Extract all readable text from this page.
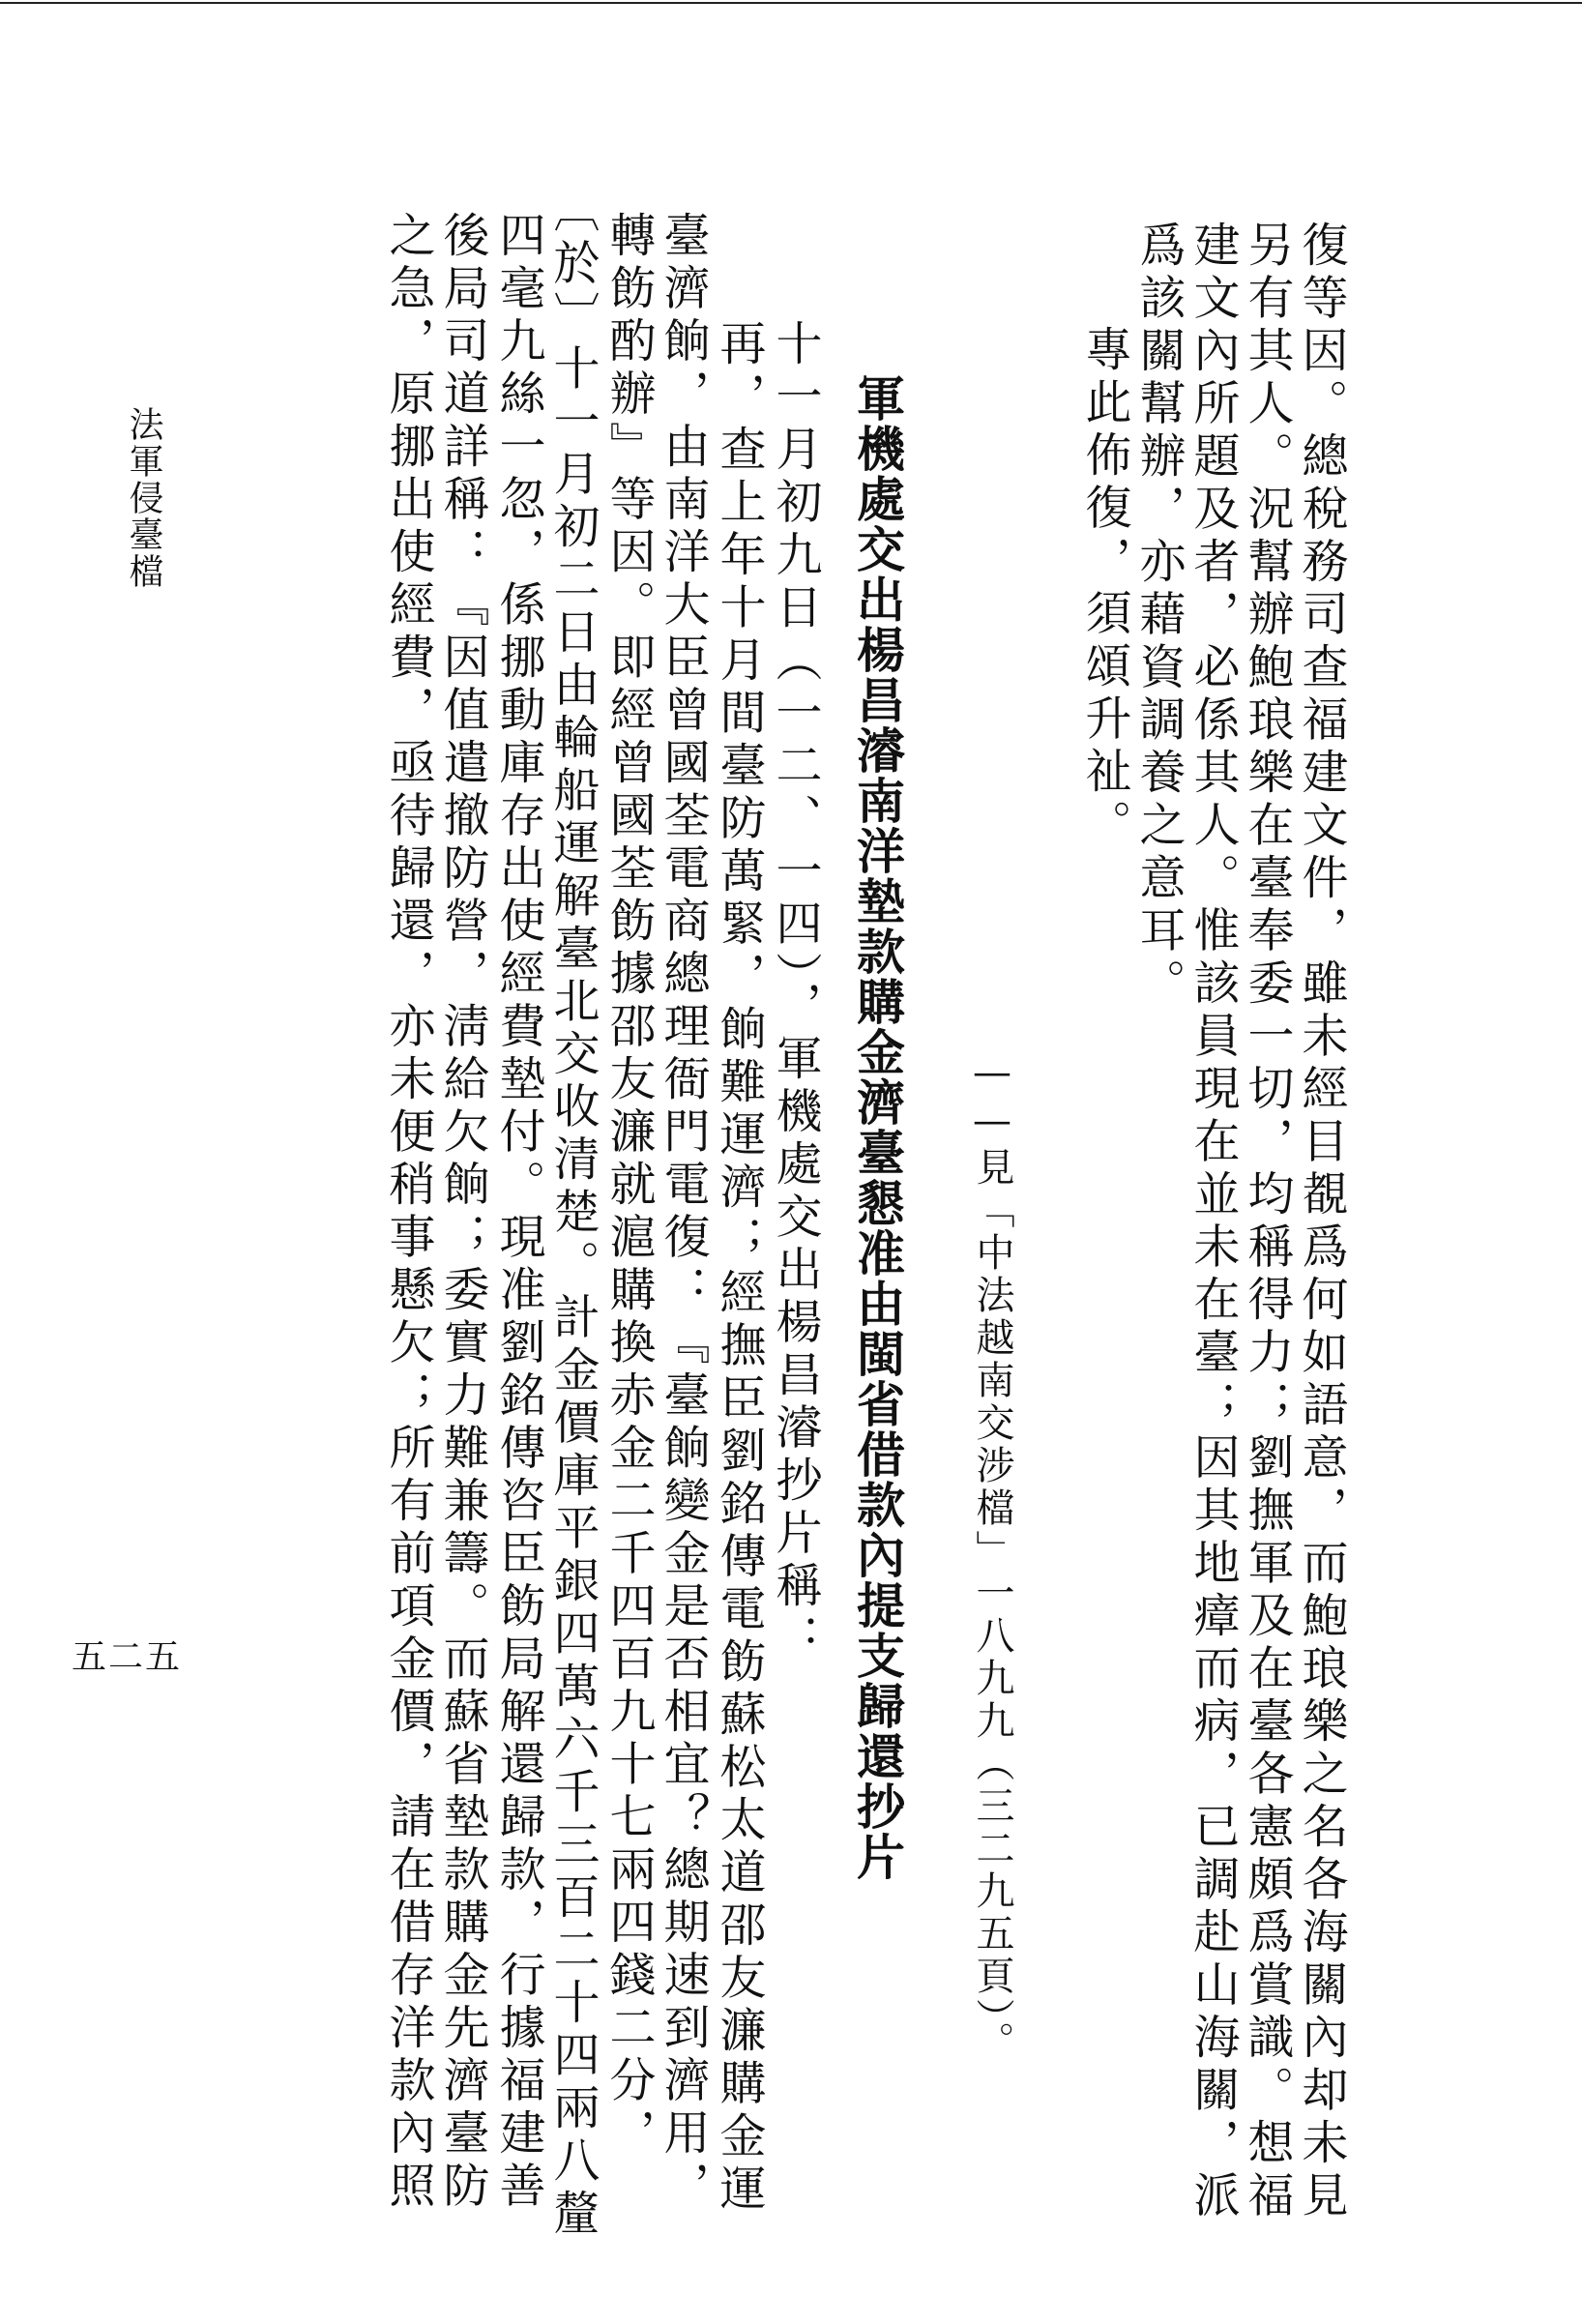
復等因。總稅務司查福建文件，雖未經目覩爲何如語意，而鮑琅樂之名各海關內却未見
另有其人。況幫辦鮑琅樂在臺奉委一切，均稱得力；劉撫軍及在臺各憲頗爲賞識。想福
建文內所題及者，必係其人。惟該員現在並未在臺；因其地瘴而病，已調赴山海關，派
爲該關幫辦，亦藉資調養之意耳。
專此佈復，須頌升祉。
——見「中法越南交涉檔」一八九九（三二九五頁）。
軍機處交出楊昌濬南洋墊款購金濟臺懇准由閩省借款內提支歸還抄片
十一月初九日（一二、一四），軍機處交出楊昌濬抄片稱：
再，查上年十月間臺防萬緊，餉難運濟；經撫臣劉銘傳電飭蘇松太道邵友濂購金運
臺濟餉，由南洋大臣曾國荃電商總理衙門電復：『臺餉變金是否相宜？總期速到濟用，
轉飭酌辦』等因。即經曾國荃飭據邵友濂就滬購換赤金二千四百九十七兩四錢二分，
〔於〕十一月初二日由輪船運解臺北交收清楚。計金價庫平銀四萬六千三百二十四兩八釐
四毫九絲一忽，係挪動庫存出使經費墊付。現准劉銘傳咨臣飭局解還歸款，行據福建善
後局司道詳稱：『因值遣撤防營，淸給欠餉；委實力難兼籌。而蘇省墊款購金先濟臺防
之急，原挪出使經費，亟待歸還，亦未便稍事懸欠；所有前項金價，請在借存洋款內照
法軍侵臺檔
五二五
